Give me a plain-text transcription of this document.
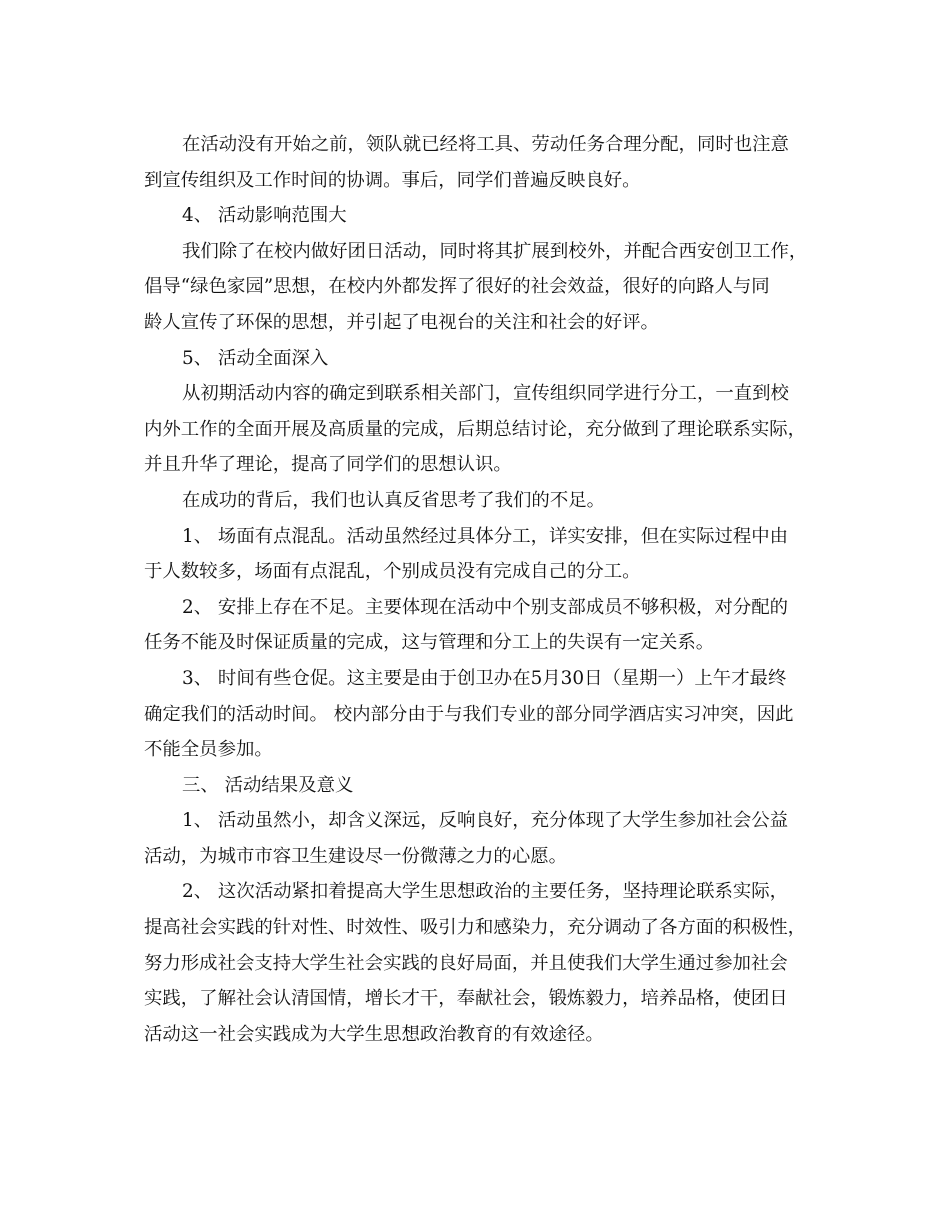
在活动没有开始之前，领队就已经将工具、劳动任务合理分配，同时也注意

到宣传组织及工作时间的协调。事后，同学们普遍反映良好。

4、 活动影响范围大

我们除了在校内做好团日活动，同时将其扩展到校外，并配合西安创卫工作，

倡导“绿色家园”思想，在校内外都发挥了很好的社会效益，很好的向路人与同

龄人宣传了环保的思想，并引起了电视台的关注和社会的好评。

5、 活动全面深入

从初期活动内容的确定到联系相关部门，宣传组织同学进行分工，一直到校

内外工作的全面开展及高质量的完成，后期总结讨论，充分做到了理论联系实际，

并且升华了理论，提高了同学们的思想认识。

在成功的背后，我们也认真反省思考了我们的不足。

1、 场面有点混乱。活动虽然经过具体分工，详实安排，但在实际过程中由

于人数较多，场面有点混乱，个别成员没有完成自己的分工。

2、 安排上存在不足。主要体现在活动中个别支部成员不够积极，对分配的

任务不能及时保证质量的完成，这与管理和分工上的失误有一定关系。

3、 时间有些仓促。这主要是由于创卫办在5月30日（星期一）上午才最终

确定我们的活动时间。 校内部分由于与我们专业的部分同学酒店实习冲突，因此

不能全员参加。

三、 活动结果及意义

1、 活动虽然小，却含义深远，反响良好，充分体现了大学生参加社会公益

活动，为城市市容卫生建设尽一份微薄之力的心愿。

2、 这次活动紧扣着提高大学生思想政治的主要任务，坚持理论联系实际，

提高社会实践的针对性、时效性、吸引力和感染力，充分调动了各方面的积极性，

努力形成社会支持大学生社会实践的良好局面，并且使我们大学生通过参加社会

实践，了解社会认清国情，增长才干，奉献社会，锻炼毅力，培养品格，使团日

活动这一社会实践成为大学生思想政治教育的有效途径。
